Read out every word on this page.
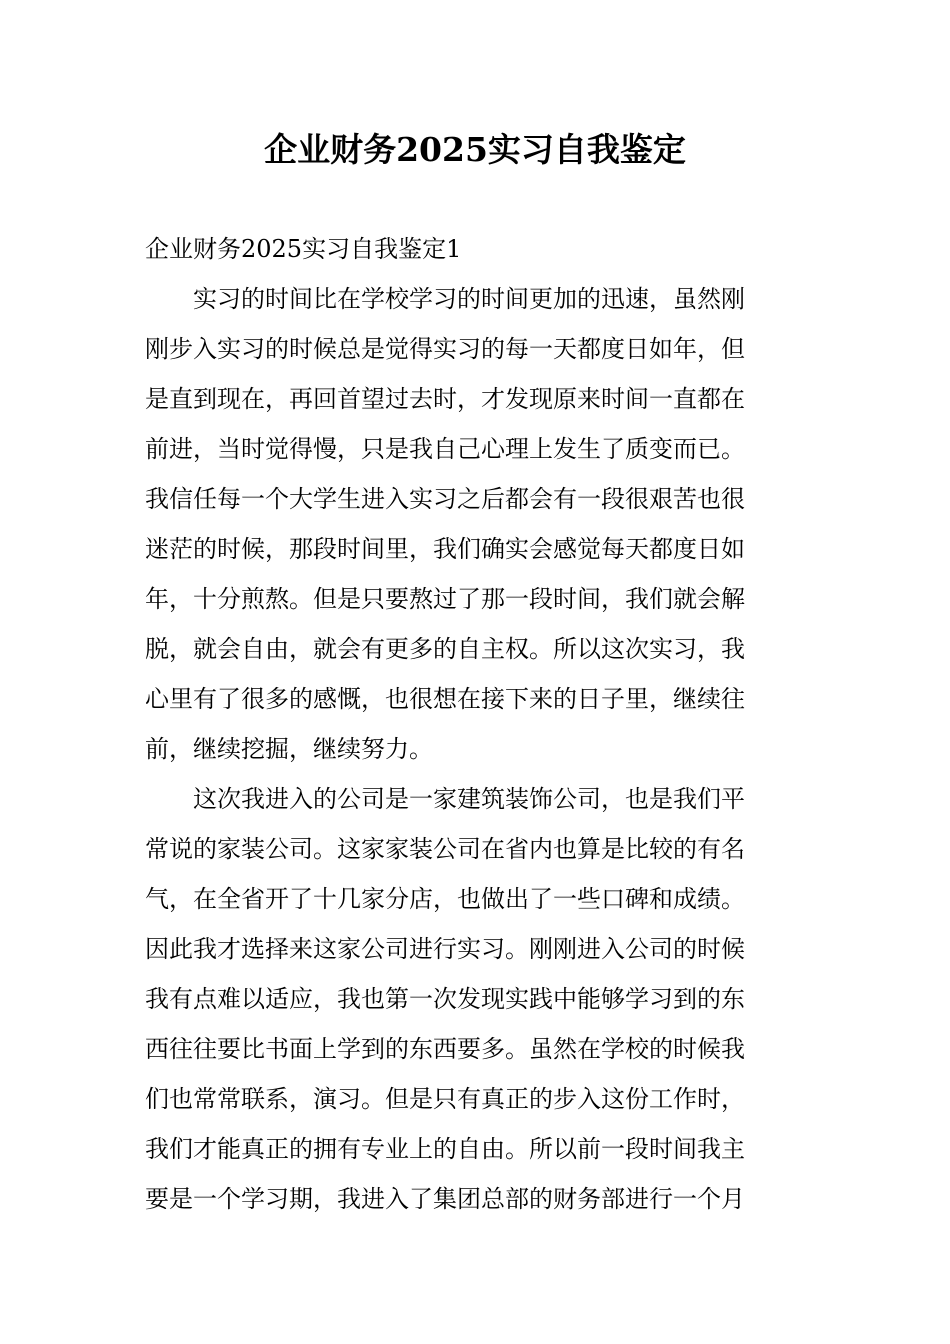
企业财务2025实习自我鉴定

企业财务2025实习自我鉴定1

实习的时间比在学校学习的时间更加的迅速，虽然刚

刚步入实习的时候总是觉得实习的每一天都度日如年，但

是直到现在，再回首望过去时，才发现原来时间一直都在

前进，当时觉得慢，只是我自己心理上发生了质变而已。

我信任每一个大学生进入实习之后都会有一段很艰苦也很

迷茫的时候，那段时间里，我们确实会感觉每天都度日如

年，十分煎熬。但是只要熬过了那一段时间，我们就会解

脱，就会自由，就会有更多的自主权。所以这次实习，我

心里有了很多的感慨，也很想在接下来的日子里，继续往

前，继续挖掘，继续努力。

这次我进入的公司是一家建筑装饰公司，也是我们平

常说的家装公司。这家家装公司在省内也算是比较的有名

气，在全省开了十几家分店，也做出了一些口碑和成绩。

因此我才选择来这家公司进行实习。刚刚进入公司的时候

我有点难以适应，我也第一次发现实践中能够学习到的东

西往往要比书面上学到的东西要多。虽然在学校的时候我

们也常常联系，演习。但是只有真正的步入这份工作时，

我们才能真正的拥有专业上的自由。所以前一段时间我主

要是一个学习期，我进入了集团总部的财务部进行一个月
